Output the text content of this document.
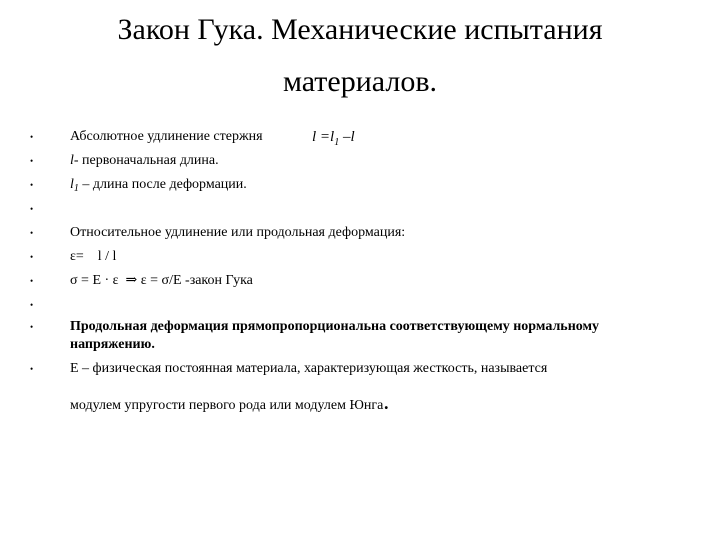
Закон Гука. Механические испытания
материалов.
•	Абсолютное удлинение стержня	$l =l_1$ –l
•	l- первоначальная длина.
•	$l_1$ – длина после деформации.
•
•	Относительное удлинение или продольная деформация:
•	ε=    l / l
•	σ = E · ε  ⇒ ε = σ/E -закон Гука
•
•	Продольная деформация прямопропорциональна соответствующему нормальному
напряжению.
•	E – физическая постоянная материала, характеризующая жесткость, называется
модулем упругости первого рода или модулем Юнга.
